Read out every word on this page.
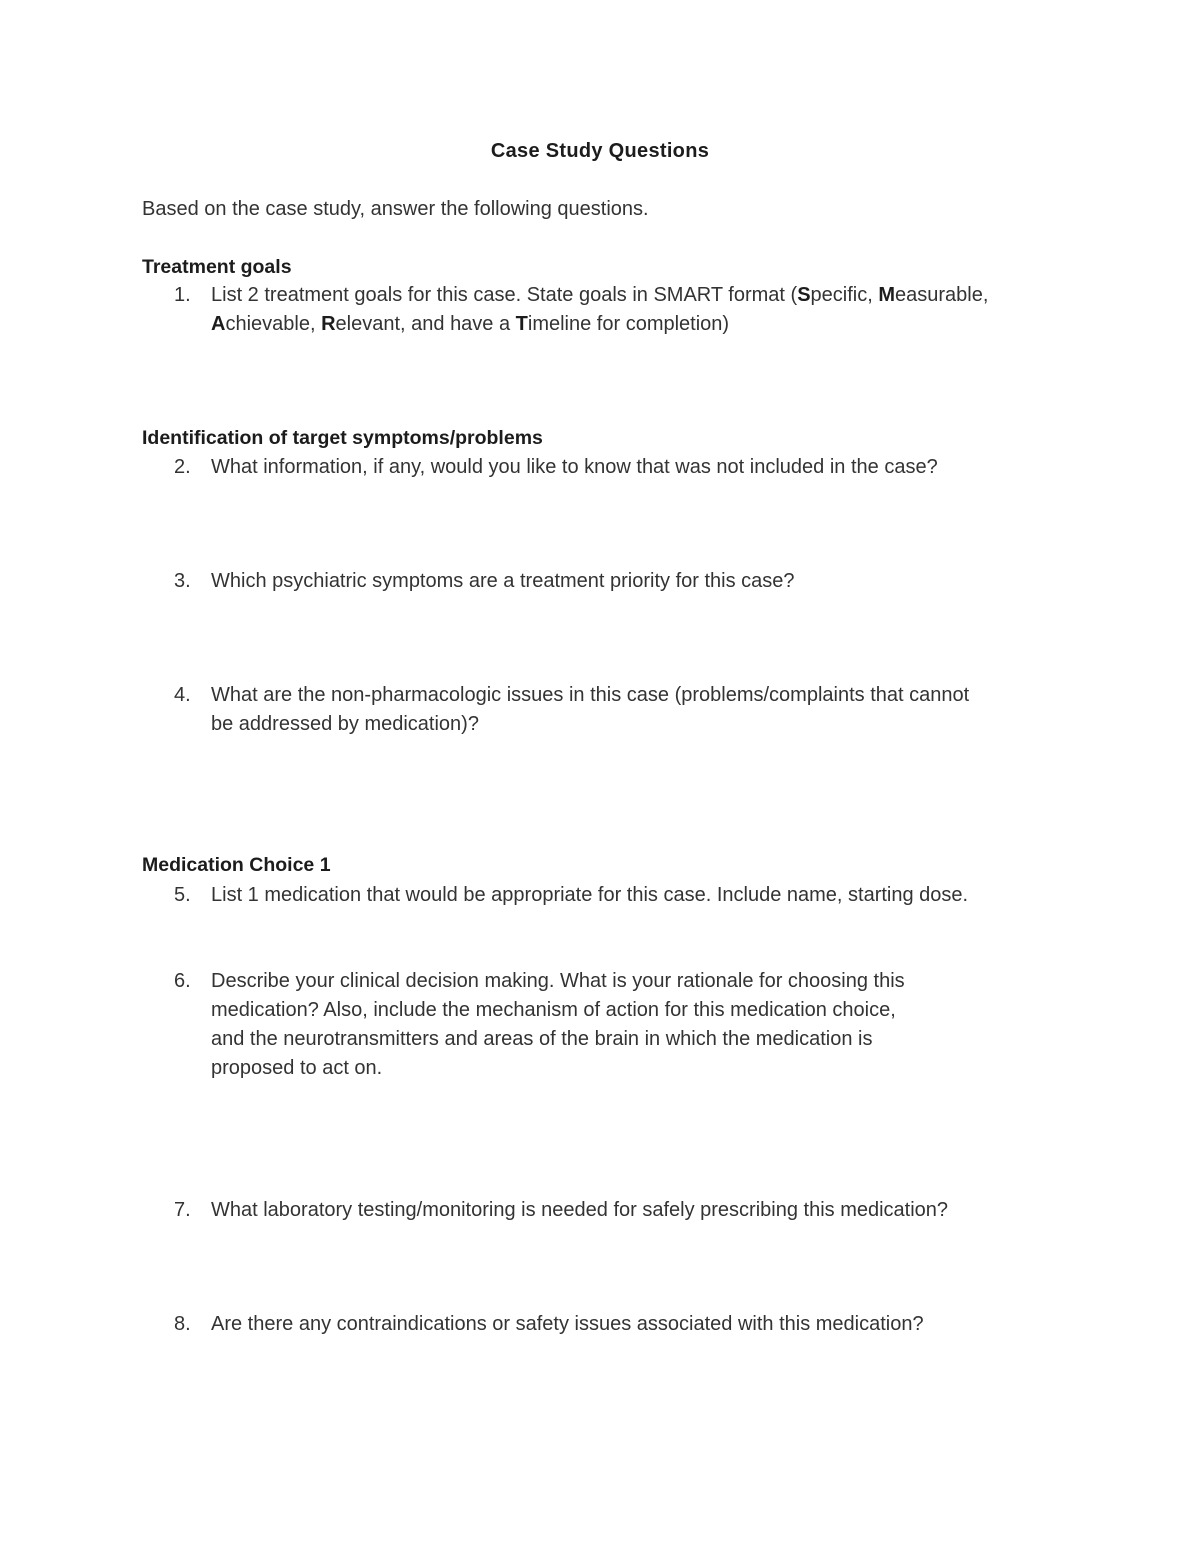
Case Study Questions
Based on the case study, answer the following questions.
Treatment goals
1.	List 2 treatment goals for this case. State goals in SMART format (Specific, Measurable, Achievable, Relevant, and have a Timeline for completion)
Identification of target symptoms/problems
2.	What information, if any, would you like to know that was not included in the case?
3.	Which psychiatric symptoms are a treatment priority for this case?
4.	What are the non-pharmacologic issues in this case (problems/complaints that cannot
be addressed by medication)?
Medication Choice 1
5.	List 1 medication that would be appropriate for this case. Include name, starting dose.
6.	Describe your clinical decision making. What is your rationale for choosing this
medication? Also, include the mechanism of action for this medication choice,
and the neurotransmitters and areas of the brain in which the medication is
proposed to act on.
7.	What laboratory testing/monitoring is needed for safely prescribing this medication?
8.	Are there any contraindications or safety issues associated with this medication?
